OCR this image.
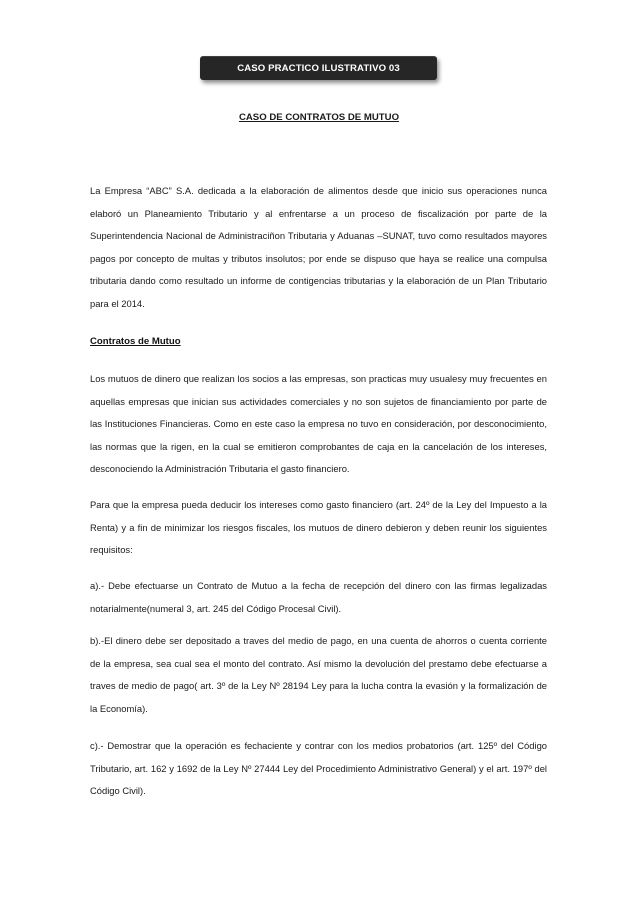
CASO PRACTICO ILUSTRATIVO 03

CASO DE CONTRATOS DE MUTUO

La Empresa “ABC” S.A. dedicada a la elaboración de alimentos desde que inicio sus operaciones nunca elaboró un Planeamiento Tributario y al enfrentarse a un proceso de fiscalización por parte de la Superintendencia Nacional de Administraciñon Tributaria y Aduanas –SUNAT, tuvo como resultados mayores pagos por concepto de multas y tributos insolutos; por ende se dispuso que haya se realice una compulsa tributaria dando como resultado un informe de contigencias tributarias y la elaboración de un Plan Tributario para el 2014.

Contratos de Mutuo

Los mutuos de dinero que realizan los socios a las empresas, son practicas muy usualesy muy frecuentes en aquellas empresas que inician sus actividades comerciales y no son sujetos de financiamiento por parte de las Instituciones Financieras. Como en este caso la empresa no tuvo en consideración, por desconocimiento, las normas que la rigen, en la cual se emitieron comprobantes de caja en la cancelación de los intereses, desconociendo la Administración Tributaria el gasto financiero.

Para que la empresa pueda deducir los intereses como gasto financiero (art. 24º de la Ley del Impuesto a la Renta) y a fin de minimizar los riesgos fiscales, los mutuos de dinero debieron y deben reunir los siguientes requisitos:

a).- Debe efectuarse un Contrato de Mutuo a la fecha de recepción del dinero con las firmas legalizadas notarialmente(numeral 3, art. 245 del Código Procesal Civil).

b).-El dinero debe ser depositado a traves del medio de pago, en una cuenta de ahorros o cuenta corriente de la empresa, sea cual sea el monto del contrato. Así mismo la devolución del prestamo debe efectuarse a traves de medio de pago( art. 3º de la Ley Nº 28194 Ley para la lucha contra la evasión y la formalización de la Economía).

c).- Demostrar que la operación es fechaciente y contrar con los medios probatorios (art. 125º del Código Tributario, art. 162 y 1692 de la Ley Nº 27444 Ley del Procedimiento Administrativo General) y el art. 197º del Código Civil).
